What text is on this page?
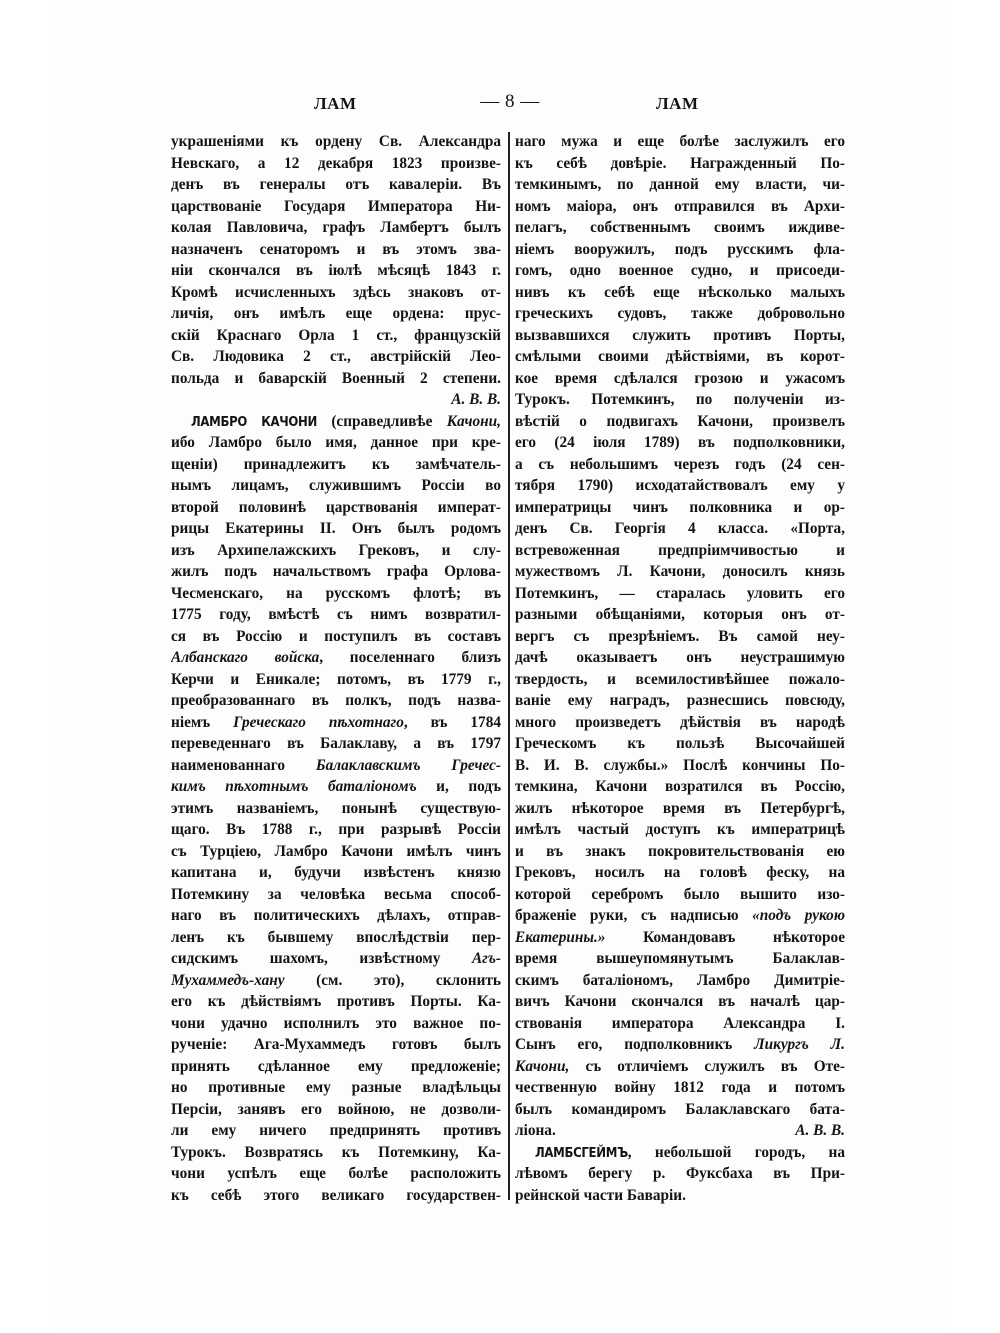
ЛАМ	— 8 —	ЛАМ
украшеніями къ ордену Св. Александра
Невскаго, а 12 декабря 1823 произве-
денъ въ генералы отъ кавалеріи. Въ
царствованіе Государя Императора Ни-
колая Павловича, графъ Ламбертъ былъ
назначенъ сенаторомъ и въ этомъ зва-
ніи скончался въ іюлѣ мѣсяцѣ 1843 г.
Кромѣ исчисленныхъ здѣсь знаковъ от-
личія, онъ имѣлъ еще ордена: прус-
скій Краснаго Орла 1 ст., французскій
Св. Людовика 2 ст., австрійскій Лео-
польда и баварскій Военный 2 степени.
А. В. В.
ЛАМБРО КАЧОНИ (справедливѣе Качони,
ибо Ламбро было имя, данное при кре-
щеніи) принадлежитъ къ замѣчатель-
нымъ лицамъ, служившимъ Россіи во
второй половинѣ царствованія императ-
рицы Екатерины II. Онъ былъ родомъ
изъ Архипелажскихъ Грековъ, и слу-
жилъ подъ начальствомъ графа Орлова-
Чесменскаго, на русскомъ флотѣ; въ
1775 году, вмѣстѣ съ нимъ возвратил-
ся въ Россію и поступилъ въ составъ
Албанскаго войска, поселеннаго близъ
Керчи и Еникале; потомъ, въ 1779 г.,
преобразованнаго въ полкъ, подъ назва-
ніемъ Греческаго пѣхотнаго, въ 1784
переведеннаго въ Балаклаву, а въ 1797
наименованнаго Балаклавскимъ Гречес-
кимъ пѣхотнымъ баталіономъ и, подъ
этимъ названіемъ, понынѣ существую-
щаго. Въ 1788 г., при разрывѣ Россіи
съ Турціею, Ламбро Качони имѣлъ чинъ
капитана и, будучи извѣстенъ князю
Потемкину за человѣка весьма способ-
наго въ политическихъ дѣлахъ, отправ-
ленъ къ бывшему впослѣдствіи пер-
сидскимъ шахомъ, извѣстному Агъ-
Мухаммедъ-хану (см. это), склонить
его къ дѣйствіямъ противъ Порты. Ка-
чони удачно исполнилъ это важное по-
рученіе: Ага-Мухаммедъ готовъ былъ
принять сдѣланное ему предложеніе;
но противные ему разные владѣльцы
Персіи, занявъ его войною, не дозволи-
ли ему ничего предпринять противъ
Турокъ. Возвратясь къ Потемкину, Ка-
чони успѣлъ еще болѣе расположить
къ себѣ этого великаго государствен-
наго мужа и еще болѣе заслужилъ его
къ себѣ довѣріе. Награжденный По-
темкинымъ, по данной ему власти, чи-
номъ маіора, онъ отправился въ Архи-
пелагъ, собственнымъ своимъ иждиве-
ніемъ вооружилъ, подъ русскимъ фла-
гомъ, одно военное судно, и присоеди-
нивъ къ себѣ еще нѣсколько малыхъ
греческихъ судовъ, также добровольно
вызвавшихся служить противъ Порты,
смѣлыми своими дѣйствіями, въ корот-
кое время сдѣлался грозою и ужасомъ
Турокъ. Потемкинъ, по полученіи из-
вѣстій о подвигахъ Качони, произвелъ
его (24 іюля 1789) въ подполковники,
а съ небольшимъ черезъ годъ (24 сен-
тября 1790) исходатайствовалъ ему у
императрицы чинъ полковника и ор-
денъ Св. Георгія 4 класса. «Порта,
встревоженная предпріимчивостью и
мужествомъ Л. Качони, доносилъ князь
Потемкинъ, — старалась уловить его
разными обѣщаніями, которыя онъ от-
вергъ съ презрѣніемъ. Въ самой неу-
дачѣ оказываетъ онъ неустрашимую
твердость, и всемилостивѣйшее пожало-
ваніе ему наградъ, разнесшись повсюду,
много произведетъ дѣйствія въ народѣ
Греческомъ къ пользѣ Высочайшей
В. И. В. службы.» Послѣ кончины По-
темкина, Качони возратился въ Россію,
жилъ нѣкоторое время въ Петербургѣ,
имѣлъ частый доступъ къ императрицѣ
и въ знакъ покровительствованія ею
Грековъ, носилъ на головѣ феску, на
которой серебромъ было вышито изо-
браженіе руки, съ надписью «подъ рукою
Екатерины.» Командовавъ нѣкоторое
время вышеупомянутымъ Балаклав-
скимъ баталіономъ, Ламбро Димитріе-
вичъ Качони скончался въ началѣ цар-
ствованія императора Александра I.
Сынъ его, подполковникъ Ликургъ Л.
Качони, съ отличіемъ служилъ въ Оте-
чественную войну 1812 года и потомъ
былъ командиромъ Балаклавскаго бата-
ліона. А. В. В.
ЛАМБСГЕЙМЪ, небольшой городъ, на
лѣвомъ берегу р. Фуксбаха въ При-
рейнской части Баваріи.
